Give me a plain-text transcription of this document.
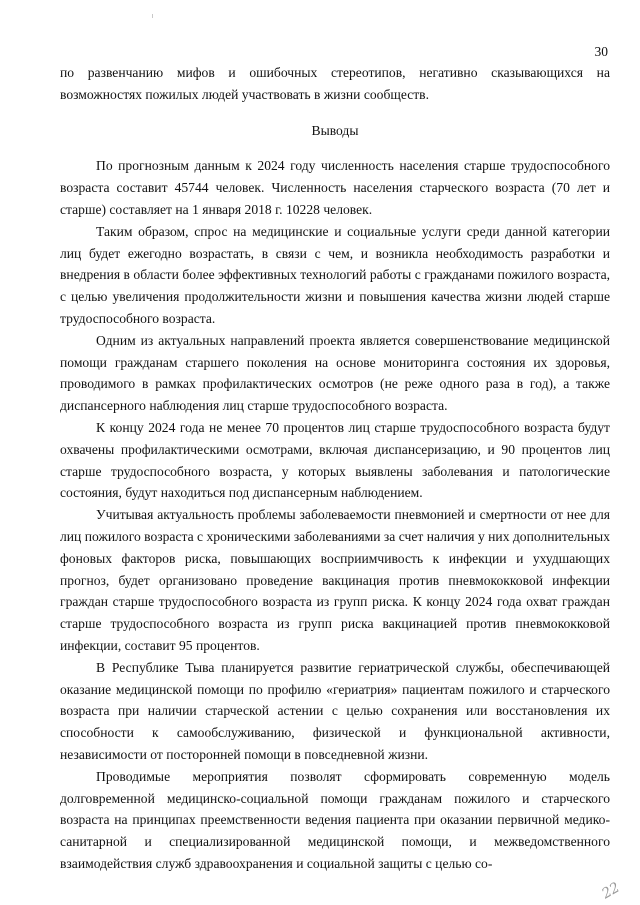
30

по развенчанию мифов и ошибочных стереотипов, негативно сказывающихся на возможностях пожилых людей участвовать в жизни сообществ.

Выводы

По прогнозным данным к 2024 году численность населения старше трудоспособного возраста составит 45744 человек. Численность населения старческого возраста (70 лет и старше) составляет на 1 января 2018 г. 10228 человек.

Таким образом, спрос на медицинские и социальные услуги среди данной категории лиц будет ежегодно возрастать, в связи с чем, и возникла необходимость разработки и внедрения в области более эффективных технологий работы с гражданами пожилого возраста, с целью увеличения продолжительности жизни и повышения качества жизни людей старше трудоспособного возраста.

Одним из актуальных направлений проекта является совершенствование медицинской помощи гражданам старшего поколения на основе мониторинга состояния их здоровья, проводимого в рамках профилактических осмотров (не реже одного раза в год), а также диспансерного наблюдения лиц старше трудоспособного возраста.

К концу 2024 года не менее 70 процентов лиц старше трудоспособного возраста будут охвачены профилактическими осмотрами, включая диспансеризацию, и 90 процентов лиц старше трудоспособного возраста, у которых выявлены заболевания и патологические состояния, будут находиться под диспансерным наблюдением.

Учитывая актуальность проблемы заболеваемости пневмонией и смертности от нее для лиц пожилого возраста с хроническими заболеваниями за счет наличия у них дополнительных фоновых факторов риска, повышающих восприимчивость к инфекции и ухудшающих прогноз, будет организовано проведение вакцинация против пневмококковой инфекции граждан старше трудоспособного возраста из групп риска. К концу 2024 года охват граждан старше трудоспособного возраста из групп риска вакцинацией против пневмококковой инфекции, составит 95 процентов.

В Республике Тыва планируется развитие гериатрической службы, обеспечивающей оказание медицинской помощи по профилю «гериатрия» пациентам пожилого и старческого возраста при наличии старческой астении с целью сохранения или восстановления их способности к самообслуживанию, физической и функциональной активности, независимости от посторонней помощи в повседневной жизни.

Проводимые мероприятия позволят сформировать современную модель долговременной медицинско-социальной помощи гражданам пожилого и старческого возраста на принципах преемственности ведения пациента при оказании первичной медико-санитарной и специализированной медицинской помощи, и межведомственного взаимодействия служб здравоохранения и социальной защиты с целью со-

22
